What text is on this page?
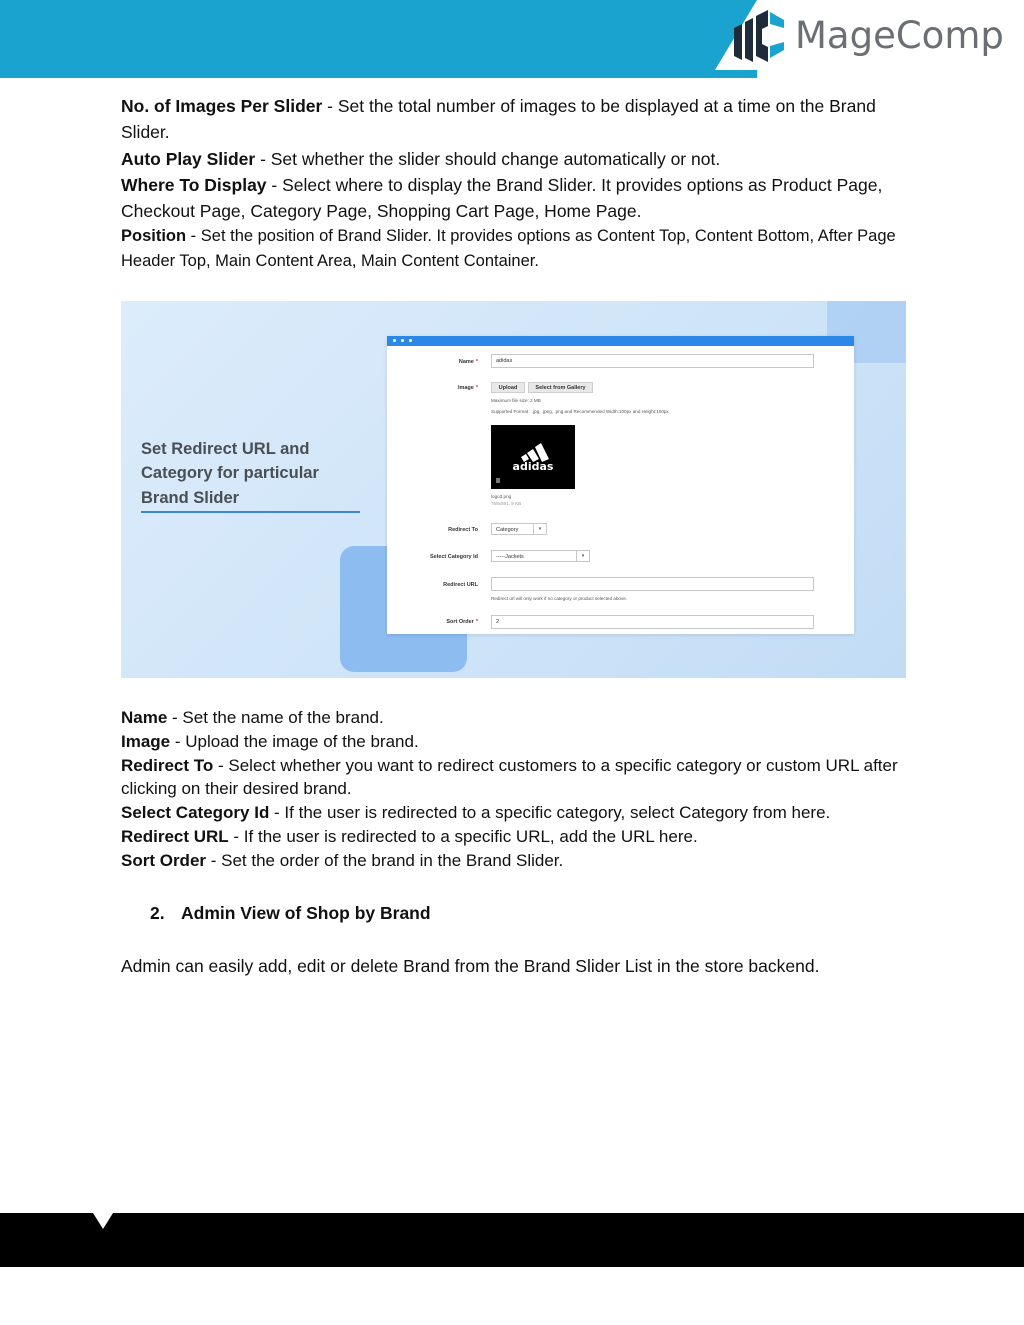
MageComp
No. of Images Per Slider - Set the total number of images to be displayed at a time on the Brand Slider.
Auto Play Slider - Set whether the slider should change automatically or not.
Where To Display - Select where to display the Brand Slider. It provides options as Product Page, Checkout Page, Category Page, Shopping Cart Page, Home Page.
Position - Set the position of Brand Slider. It provides options as Content Top, Content Bottom, After Page Header Top, Main Content Area, Main Content Container.
Set Redirect URL and Category for particular Brand Slider
Name *	adidas
Image *	Upload	Select from Gallery
Maximum file size: 2 MB
Supported Format : .jpg, .jpeg, .png and Recommended Width:100px and Height:100px
adidas
logo3.png
768x591, 9 KB
Redirect To	Category	▾
Select Category Id	-----Jackets	▾
Redirect URL
Redirect url will only work if no category or product selected above.
Sort Order *	2
Name - Set the name of the brand.
Image - Upload the image of the brand.
Redirect To - Select whether you want to redirect customers to a specific category or custom URL after clicking on their desired brand.
Select Category Id - If the user is redirected to a specific category, select Category from here.
Redirect URL - If the user is redirected to a specific URL, add the URL here.
Sort Order - Set the order of the brand in the Brand Slider.
2. Admin View of Shop by Brand
Admin can easily add, edit or delete Brand from the Brand Slider List in the store backend.
